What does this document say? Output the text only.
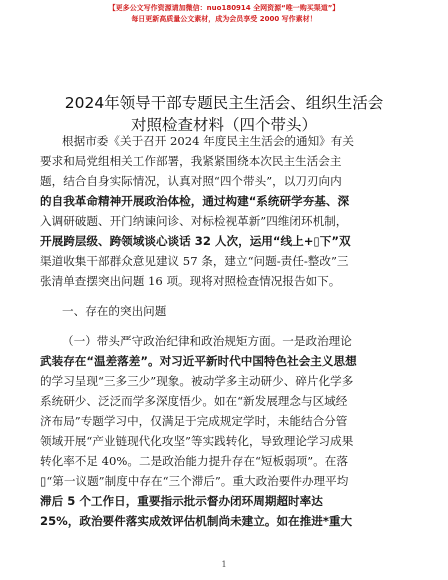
【更多公文写作资源请加微信：nuo180914 全网资源“唯一购买渠道”】
每日更新高质量公文素材，成为会员享受 2000 写作素材！
2024年领导干部专题民主生活会、组织生活会
对照检查材料（四个带头）
根据市委《关于召开 2024 年度民主生活会的通知》有关
要求和局党组相关工作部署，我紧紧围绕本次民主生活会主
题，结合自身实际情况，认真对照“四个带头”，以刀刃向内
的自我革命精神开展政治体检，通过构建“系统研学夯基、深
入调研破题、开门纳谏问诊、对标检视革新”四维闭环机制，
开展跨层级、跨领域谈心谈话 32 人次，运用“线上+▯下”双
渠道收集干部群众意见建议 57 条，建立“问题-责任-整改”三
张清单查摆突出问题 16 项。现将对照检查情况报告如下。
一、存在的突出问题
（一）带头严守政治纪律和政治规矩方面。一是政治理论
武装存在“温差落差”。对习近平新时代中国特色社会主义思想
的学习呈现“三多三少”现象。被动学多主动研少、碎片化学多
系统研少、泛泛而学多深度悟少。如在“新发展理念与区域经
济布局”专题学习中，仅满足于完成规定学时，未能结合分管
领域开展“产业链现代化攻坚”等实践转化，导致理论学习成果
转化率不足 40%。二是政治能力提升存在“短板弱项”。在落
▯“第一议题”制度中存在“三个滞后”。重大政治要件办理平均
滞后 5 个工作日，重要指示批示督办闭环周期超时率达
25%，政治要件落实成效评估机制尚未建立。如在推进*重大
1
